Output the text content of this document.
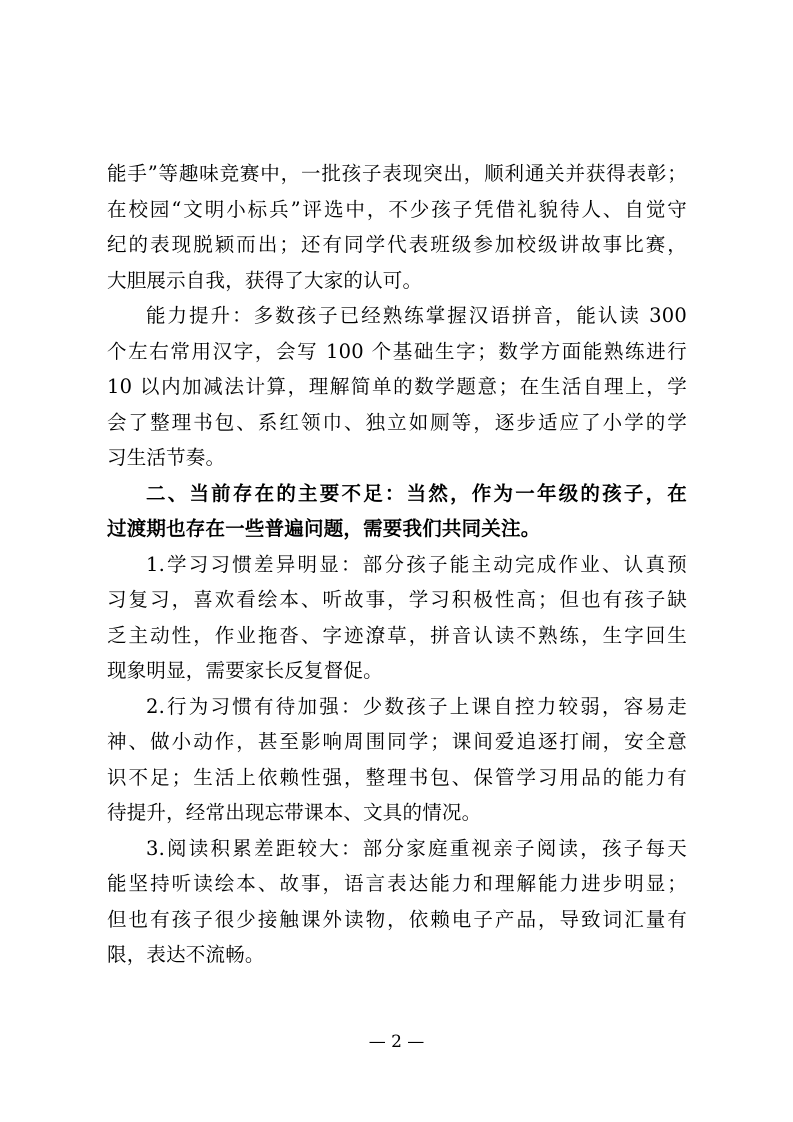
能手”等趣味竞赛中，一批孩子表现突出，顺利通关并获得表彰；
在校园“文明小标兵”评选中，不少孩子凭借礼貌待人、自觉守
纪的表现脱颖而出；还有同学代表班级参加校级讲故事比赛，
大胆展示自我，获得了大家的认可。
能力提升：多数孩子已经熟练掌握汉语拼音，能认读 300
个左右常用汉字，会写 100 个基础生字；数学方面能熟练进行
10 以内加减法计算，理解简单的数学题意；在生活自理上，学
会了整理书包、系红领巾、独立如厕等，逐步适应了小学的学
习生活节奏。
二、当前存在的主要不足：当然，作为一年级的孩子，在
过渡期也存在一些普遍问题，需要我们共同关注。
1.学习习惯差异明显：部分孩子能主动完成作业、认真预
习复习，喜欢看绘本、听故事，学习积极性高；但也有孩子缺
乏主动性，作业拖沓、字迹潦草，拼音认读不熟练，生字回生
现象明显，需要家长反复督促。
2.行为习惯有待加强：少数孩子上课自控力较弱，容易走
神、做小动作，甚至影响周围同学；课间爱追逐打闹，安全意
识不足；生活上依赖性强，整理书包、保管学习用品的能力有
待提升，经常出现忘带课本、文具的情况。
3.阅读积累差距较大：部分家庭重视亲子阅读，孩子每天
能坚持听读绘本、故事，语言表达能力和理解能力进步明显；
但也有孩子很少接触课外读物，依赖电子产品，导致词汇量有
限，表达不流畅。
— 2 —
